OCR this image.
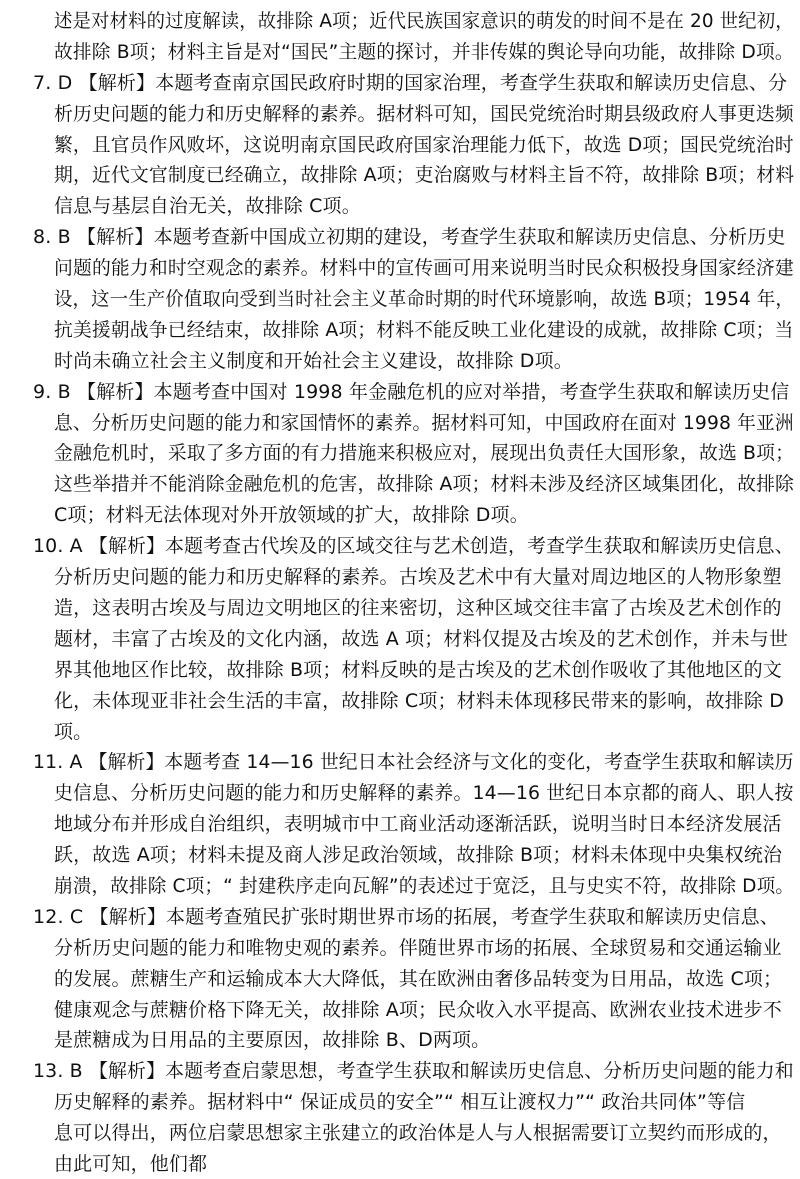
述是对材料的过度解读，故排除 A项；近代民族国家意识的萌发的时间不是在 20 世纪初，
故排除 B项；材料主旨是对“国民”主题的探讨，并非传媒的舆论导向功能，故排除 D项。
7. D 【解析】本题考查南京国民政府时期的国家治理，考查学生获取和解读历史信息、分
析历史问题的能力和历史解释的素养。据材料可知，国民党统治时期县级政府人事更迭频
繁，且官员作风败坏，这说明南京国民政府国家治理能力低下，故选 D项；国民党统治时
期，近代文官制度已经确立，故排除 A项；吏治腐败与材料主旨不符，故排除 B项；材料
信息与基层自治无关，故排除 C项。
8. B 【解析】本题考查新中国成立初期的建设，考查学生获取和解读历史信息、分析历史
问题的能力和时空观念的素养。材料中的宣传画可用来说明当时民众积极投身国家经济建
设，这一生产价值取向受到当时社会主义革命时期的时代环境影响，故选 B项；1954 年，
抗美援朝战争已经结束，故排除 A项；材料不能反映工业化建设的成就，故排除 C项；当
时尚未确立社会主义制度和开始社会主义建设，故排除 D项。
9. B 【解析】本题考查中国对 1998 年金融危机的应对举措，考查学生获取和解读历史信
息、分析历史问题的能力和家国情怀的素养。据材料可知，中国政府在面对 1998 年亚洲
金融危机时，采取了多方面的有力措施来积极应对，展现出负责任大国形象，故选 B项；
这些举措并不能消除金融危机的危害，故排除 A项；材料未涉及经济区域集团化，故排除
C项；材料无法体现对外开放领域的扩大，故排除 D项。
10. A 【解析】本题考查古代埃及的区域交往与艺术创造，考查学生获取和解读历史信息、
分析历史问题的能力和历史解释的素养。古埃及艺术中有大量对周边地区的人物形象塑
造，这表明古埃及与周边文明地区的往来密切，这种区域交往丰富了古埃及艺术创作的
题材，丰富了古埃及的文化内涵，故选 A 项；材料仅提及古埃及的艺术创作，并未与世
界其他地区作比较，故排除 B项；材料反映的是古埃及的艺术创作吸收了其他地区的文
化，未体现亚非社会生活的丰富，故排除 C项；材料未体现移民带来的影响，故排除 D
项。
11. A 【解析】本题考查 14—16 世纪日本社会经济与文化的变化，考查学生获取和解读历
史信息、分析历史问题的能力和历史解释的素养。14—16 世纪日本京都的商人、职人按
地域分布并形成自治组织，表明城市中工商业活动逐渐活跃，说明当时日本经济发展活
跃，故选 A项；材料未提及商人涉足政治领域，故排除 B项；材料未体现中央集权统治
崩溃，故排除 C项；“ 封建秩序走向瓦解”的表述过于宽泛，且与史实不符，故排除 D项。
12. C 【解析】本题考查殖民扩张时期世界市场的拓展，考查学生获取和解读历史信息、
分析历史问题的能力和唯物史观的素养。伴随世界市场的拓展、全球贸易和交通运输业
的发展。蔗糖生产和运输成本大大降低，其在欧洲由奢侈品转变为日用品，故选 C项；
健康观念与蔗糖价格下降无关，故排除 A项；民众收入水平提高、欧洲农业技术进步不
是蔗糖成为日用品的主要原因，故排除 B、D两项。
13. B 【解析】本题考查启蒙思想，考查学生获取和解读历史信息、分析历史问题的能力和
历史解释的素养。据材料中“ 保证成员的安全”“ 相互让渡权力”“ 政治共同体”等信
息可以得出，两位启蒙思想家主张建立的政治体是人与人根据需要订立契约而形成的，
由此可知，他们都
